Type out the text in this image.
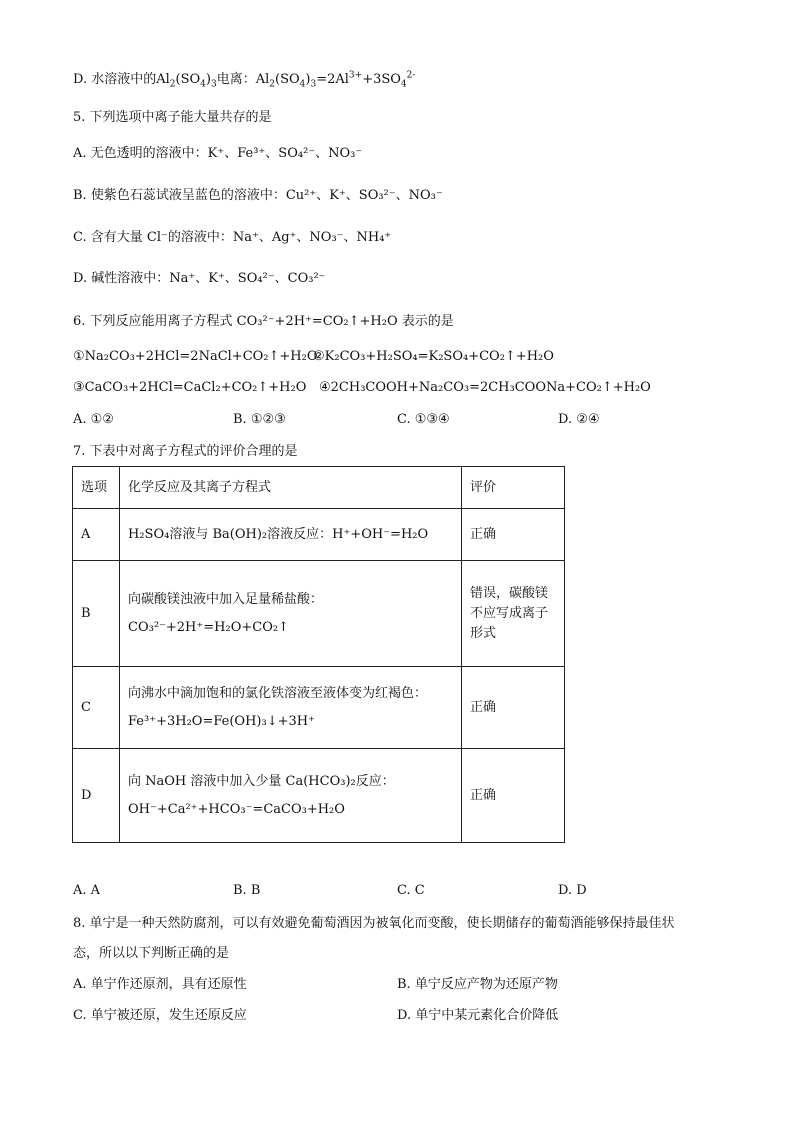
D. 水溶液中的$Al_2(SO_4)_3$电离：$Al_2(SO_4)_3=2Al^{3+}+3SO_4^{2-}$
5. 下列选项中离子能大量共存的是
A. 无色透明的溶液中：K⁺、Fe³⁺、SO₄²⁻、NO₃⁻
B. 使紫色石蕊试液呈蓝色的溶液中：Cu²⁺、K⁺、SO₃²⁻、NO₃⁻
C. 含有大量 Cl⁻的溶液中：Na⁺、Ag⁺、NO₃⁻、NH₄⁺
D. 碱性溶液中：Na⁺、K⁺、SO₄²⁻、CO₃²⁻
6. 下列反应能用离子方程式 CO₃²⁻+2H⁺=CO₂↑+H₂O 表示的是
①Na₂CO₃+2HCl=2NaCl+CO₂↑+H₂O
②K₂CO₃+H₂SO₄=K₂SO₄+CO₂↑+H₂O
③CaCO₃+2HCl=CaCl₂+CO₂↑+H₂O ④2CH₃COOH+Na₂CO₃=2CH₃COONa+CO₂↑+H₂O
A. ①②	B. ①②③	C. ①③④	D. ②④
7. 下表中对离子方程式的评价合理的是
选项	化学反应及其离子方程式	评价
A	H₂SO₄溶液与 Ba(OH)₂溶液反应：H⁺+OH⁻=H₂O	正确
B	向碳酸镁浊液中加入足量稀盐酸：
CO₃²⁻+2H⁺=H₂O+CO₂↑	错误，碳酸镁不应写成离子形式
C	向沸水中滴加饱和的氯化铁溶液至液体变为红褐色：
Fe³⁺+3H₂O=Fe(OH)₃↓+3H⁺	正确
D	向 NaOH 溶液中加入少量 Ca(HCO₃)₂反应：
OH⁻+Ca²⁺+HCO₃⁻=CaCO₃+H₂O	正确
A. A	B. B	C. C	D. D
8. 单宁是一种天然防腐剂，可以有效避免葡萄酒因为被氧化而变酸，使长期储存的葡萄酒能够保持最佳状
态，所以以下判断正确的是
A. 单宁作还原剂，具有还原性	B. 单宁反应产物为还原产物
C. 单宁被还原，发生还原反应	D. 单宁中某元素化合价降低
